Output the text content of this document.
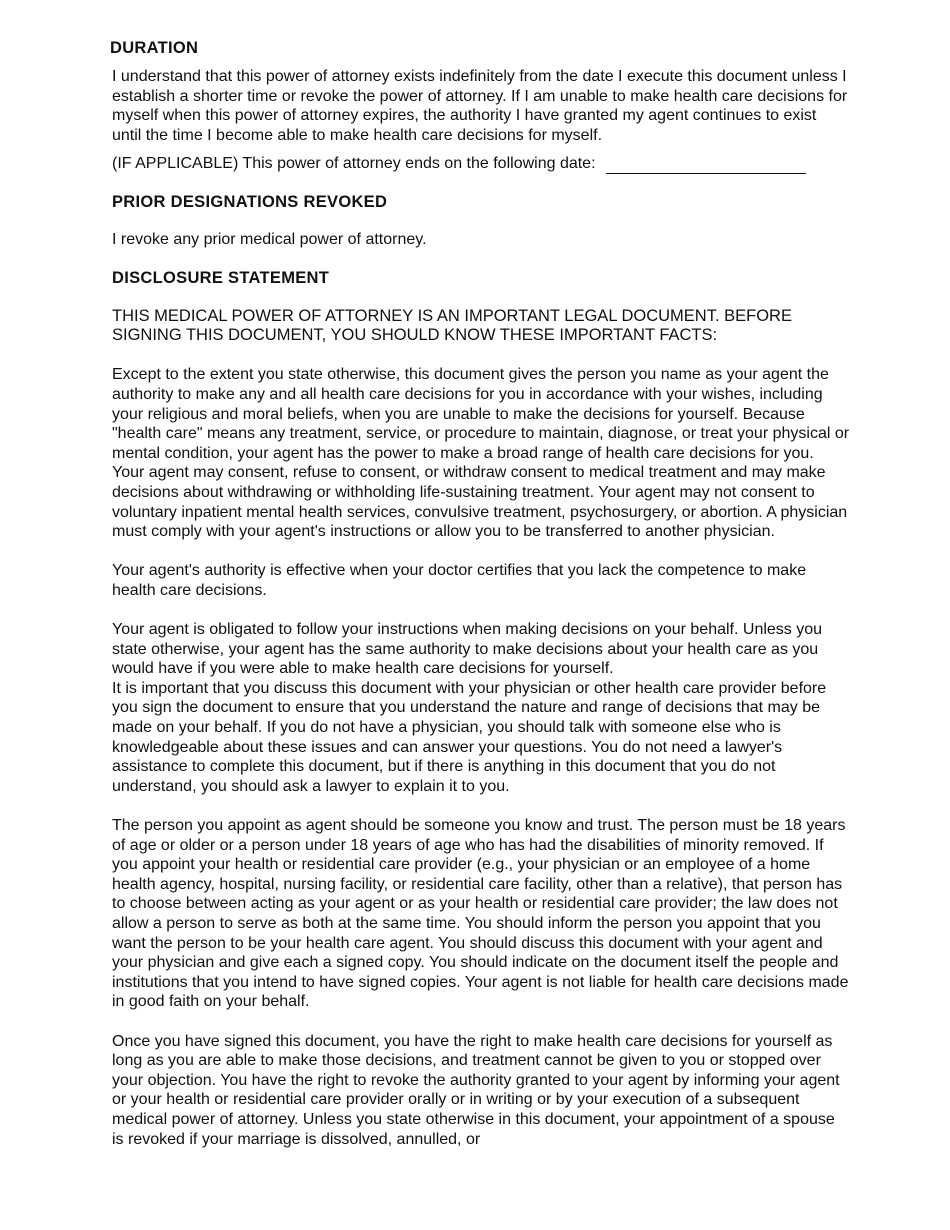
DURATION

I understand that this power of attorney exists indefinitely from the date I execute this document unless I establish a shorter time or revoke the power of attorney. If I am unable to make health care decisions for myself when this power of attorney expires, the authority I have granted my agent continues to exist until the time I become able to make health care decisions for myself.

(IF APPLICABLE) This power of attorney ends on the following date:
PRIOR DESIGNATIONS REVOKED

I revoke any prior medical power of attorney.

DISCLOSURE STATEMENT

THIS MEDICAL POWER OF ATTORNEY IS AN IMPORTANT LEGAL DOCUMENT. BEFORE SIGNING THIS DOCUMENT, YOU SHOULD KNOW THESE IMPORTANT FACTS:

Except to the extent you state otherwise, this document gives the person you name as your agent the authority to make any and all health care decisions for you in accordance with your wishes, including your religious and moral beliefs, when you are unable to make the decisions for yourself. Because "health care" means any treatment, service, or procedure to maintain, diagnose, or treat your physical or mental condition, your agent has the power to make a broad range of health care decisions for you. Your agent may consent, refuse to consent, or withdraw consent to medical treatment and may make decisions about withdrawing or withholding life-sustaining treatment. Your agent may not consent to voluntary inpatient mental health services, convulsive treatment, psychosurgery, or abortion. A physician must comply with your agent's instructions or allow you to be transferred to another physician.

Your agent's authority is effective when your doctor certifies that you lack the competence to make health care decisions.

Your agent is obligated to follow your instructions when making decisions on your behalf. Unless you state otherwise, your agent has the same authority to make decisions about your health care as you would have if you were able to make health care decisions for yourself.

It is important that you discuss this document with your physician or other health care provider before you sign the document to ensure that you understand the nature and range of decisions that may be made on your behalf. If you do not have a physician, you should talk with someone else who is knowledgeable about these issues and can answer your questions. You do not need a lawyer's assistance to complete this document, but if there is anything in this document that you do not understand, you should ask a lawyer to explain it to you.

The person you appoint as agent should be someone you know and trust. The person must be 18 years of age or older or a person under 18 years of age who has had the disabilities of minority removed. If you appoint your health or residential care provider (e.g., your physician or an employee of a home health agency, hospital, nursing facility, or residential care facility, other than a relative), that person has to choose between acting as your agent or as your health or residential care provider; the law does not allow a person to serve as both at the same time. You should inform the person you appoint that you want the person to be your health care agent. You should discuss this document with your agent and your physician and give each a signed copy. You should indicate on the document itself the people and institutions that you intend to have signed copies. Your agent is not liable for health care decisions made in good faith on your behalf.

Once you have signed this document, you have the right to make health care decisions for yourself as long as you are able to make those decisions, and treatment cannot be given to you or stopped over your objection. You have the right to revoke the authority granted to your agent by informing your agent or your health or residential care provider orally or in writing or by your execution of a subsequent medical power of attorney. Unless you state otherwise in this document, your appointment of a spouse is revoked if your marriage is dissolved, annulled, or
